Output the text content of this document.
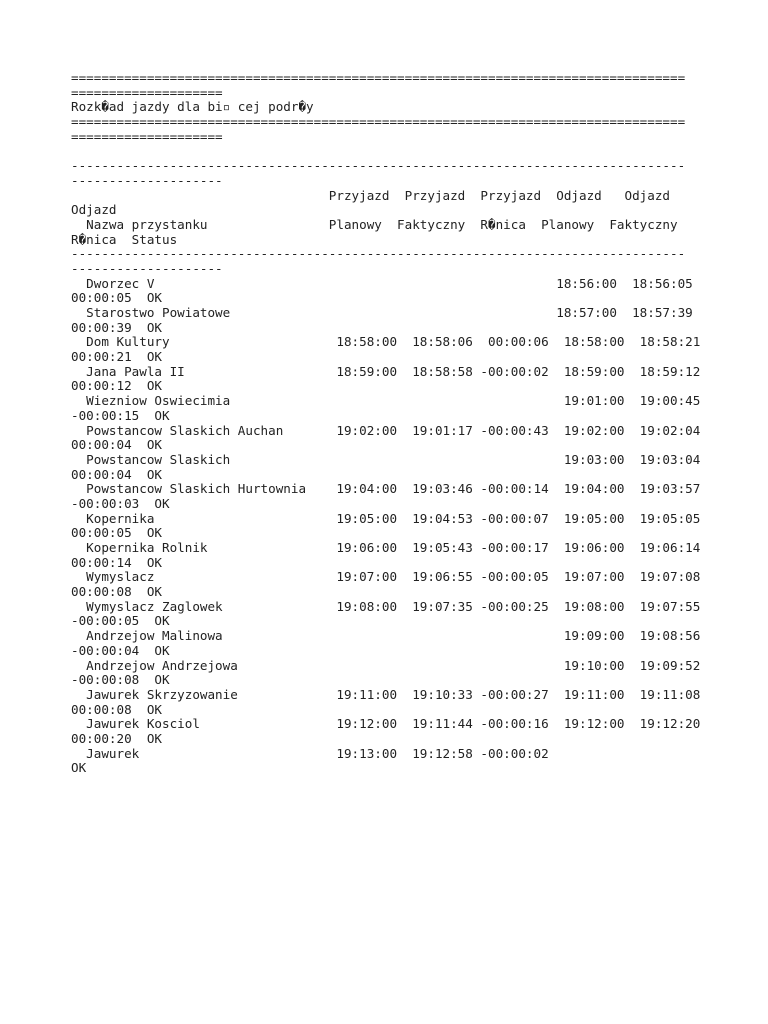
=================================================================================
====================
Rozk�ad jazdy dla bi▫ cej podr�y
=================================================================================
====================
---------------------------------------------------------------------------------
--------------------
Przyjazd  Przyjazd  Przyjazd  Odjazd   Odjazd
Odjazd
Nazwa przystanku                Planowy  Faktyczny  R�nica  Planowy  Faktyczny
R�nica  Status
---------------------------------------------------------------------------------
--------------------
Dworzec V                                                     18:56:00  18:56:05
00:00:05  OK
Starostwo Powiatowe                                           18:57:00  18:57:39
00:00:39  OK
Dom Kultury                      18:58:00  18:58:06  00:00:06  18:58:00  18:58:21
00:00:21  OK
Jana Pawla II                    18:59:00  18:58:58 -00:00:02  18:59:00  18:59:12
00:00:12  OK
Wiezniow Oswiecimia                                            19:01:00  19:00:45
-00:00:15  OK
Powstancow Slaskich Auchan       19:02:00  19:01:17 -00:00:43  19:02:00  19:02:04
00:00:04  OK
Powstancow Slaskich                                            19:03:00  19:03:04
00:00:04  OK
Powstancow Slaskich Hurtownia    19:04:00  19:03:46 -00:00:14  19:04:00  19:03:57
-00:00:03  OK
Kopernika                        19:05:00  19:04:53 -00:00:07  19:05:00  19:05:05
00:00:05  OK
Kopernika Rolnik                 19:06:00  19:05:43 -00:00:17  19:06:00  19:06:14
00:00:14  OK
Wymyslacz                        19:07:00  19:06:55 -00:00:05  19:07:00  19:07:08
00:00:08  OK
Wymyslacz Zaglowek               19:08:00  19:07:35 -00:00:25  19:08:00  19:07:55
-00:00:05  OK
Andrzejow Malinowa                                             19:09:00  19:08:56
-00:00:04  OK
Andrzejow Andrzejowa                                           19:10:00  19:09:52
-00:00:08  OK
Jawurek Skrzyzowanie             19:11:00  19:10:33 -00:00:27  19:11:00  19:11:08
00:00:08  OK
Jawurek Kosciol                  19:12:00  19:11:44 -00:00:16  19:12:00  19:12:20
00:00:20  OK
Jawurek                          19:13:00  19:12:58 -00:00:02
OK
